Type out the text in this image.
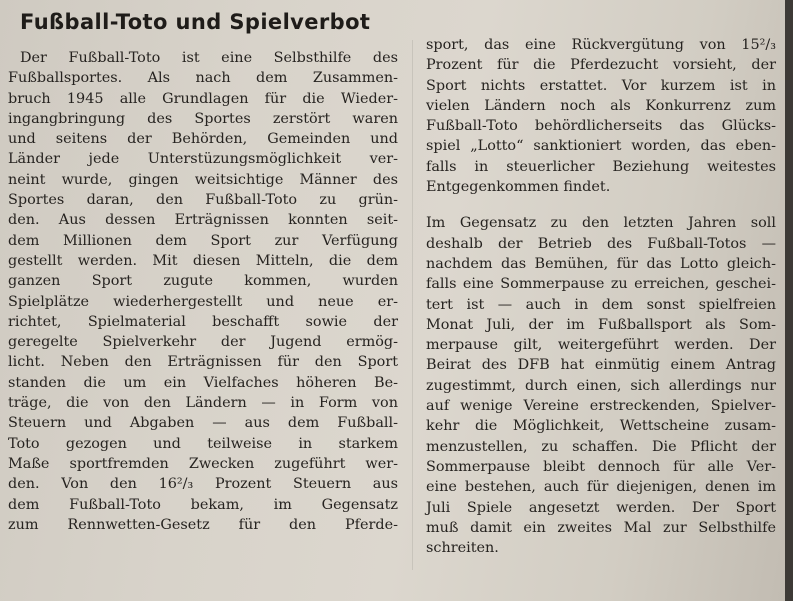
Fußball-Toto und Spielverbot
Der Fußball-Toto ist eine Selbsthilfe des
Fußballsportes. Als nach dem Zusammen-
bruch 1945 alle Grundlagen für die Wieder-
ingangbringung des Sportes zerstört waren
und seitens der Behörden, Gemeinden und
Länder jede Unterstüzungsmöglichkeit ver-
neint wurde, gingen weitsichtige Männer des
Sportes daran, den Fußball-Toto zu grün-
den. Aus dessen Erträgnissen konnten seit-
dem Millionen dem Sport zur Verfügung
gestellt werden. Mit diesen Mitteln, die dem
ganzen Sport zugute kommen, wurden
Spielplätze wiederhergestellt und neue er-
richtet, Spielmaterial beschafft sowie der
geregelte Spielverkehr der Jugend ermög-
licht. Neben den Erträgnissen für den Sport
standen die um ein Vielfaches höheren Be-
träge, die von den Ländern — in Form von
Steuern und Abgaben — aus dem Fußball-
Toto gezogen und teilweise in starkem
Maße sportfremden Zwecken zugeführt wer-
den. Von den 16²/₃ Prozent Steuern aus
dem Fußball-Toto bekam, im Gegensatz
zum Rennwetten-Gesetz für den Pferde-
sport, das eine Rückvergütung von 15²/₃
Prozent für die Pferdezucht vorsieht, der
Sport nichts erstattet. Vor kurzem ist in
vielen Ländern noch als Konkurrenz zum
Fußball-Toto behördlicherseits das Glücks-
spiel „Lotto“ sanktioniert worden, das eben-
falls in steuerlicher Beziehung weitestes
Entgegenkommen findet.
Im Gegensatz zu den letzten Jahren soll
deshalb der Betrieb des Fußball-Totos —
nachdem das Bemühen, für das Lotto gleich-
falls eine Sommerpause zu erreichen, geschei-
tert ist — auch in dem sonst spielfreien
Monat Juli, der im Fußballsport als Som-
merpause gilt, weitergeführt werden. Der
Beirat des DFB hat einmütig einem Antrag
zugestimmt, durch einen, sich allerdings nur
auf wenige Vereine erstreckenden, Spielver-
kehr die Möglichkeit, Wettscheine zusam-
menzustellen, zu schaffen. Die Pflicht der
Sommerpause bleibt dennoch für alle Ver-
eine bestehen, auch für diejenigen, denen im
Juli Spiele angesetzt werden. Der Sport
muß damit ein zweites Mal zur Selbsthilfe
schreiten.
